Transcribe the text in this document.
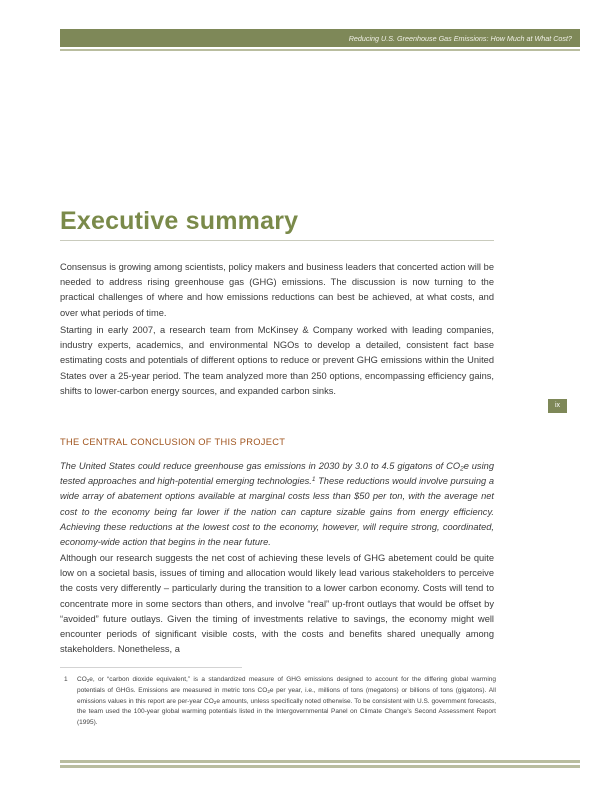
Reducing U.S. Greenhouse Gas Emissions: How Much at What Cost?
Executive summary

Consensus is growing among scientists, policy makers and business leaders that concerted action will be needed to address rising greenhouse gas (GHG) emissions. The discussion is now turning to the practical challenges of where and how emissions reductions can best be achieved, at what costs, and over what periods of time.

Starting in early 2007, a research team from McKinsey & Company worked with leading companies, industry experts, academics, and environmental NGOs to develop a detailed, consistent fact base estimating costs and potentials of different options to reduce or prevent GHG emissions within the United States over a 25-year period. The team analyzed more than 250 options, encompassing efficiency gains, shifts to lower-carbon energy sources, and expanded carbon sinks.

ix
THE CENTRAL CONCLUSION OF THIS PROJECT

The United States could reduce greenhouse gas emissions in 2030 by 3.0 to 4.5 gigatons of $CO_2e$ using tested approaches and high-potential emerging technologies.$^1$ These reductions would involve pursuing a wide array of abatement options available at marginal costs less than $50 per ton, with the average net cost to the economy being far lower if the nation can capture sizable gains from energy efficiency. Achieving these reductions at the lowest cost to the economy, however, will require strong, coordinated, economy-wide action that begins in the near future.

Although our research suggests the net cost of achieving these levels of GHG abetement could be quite low on a societal basis, issues of timing and allocation would likely lead various stakeholders to perceive the costs very differently – particularly during the transition to a lower carbon economy. Costs will tend to concentrate more in some sectors than others, and involve “real” up-front outlays that would be offset by “avoided” future outlays. Given the timing of investments relative to savings, the economy might well encounter periods of significant visible costs, with the costs and benefits shared unequally among stakeholders. Nonetheless, a

1 $CO_2e$, or “carbon dioxide equivalent,” is a standardized measure of GHG emissions designed to account for the differing global warming potentials of GHGs. Emissions are measured in metric tons $CO_2e$ per year, i.e., millions of tons (megatons) or billions of tons (gigatons). All emissions values in this report are per-year $CO_2e$ amounts, unless specifically noted otherwise. To be consistent with U.S. government forecasts, the team used the 100-year global warming potentials listed in the Intergovernmental Panel on Climate Change’s Second Assessment Report (1995).
